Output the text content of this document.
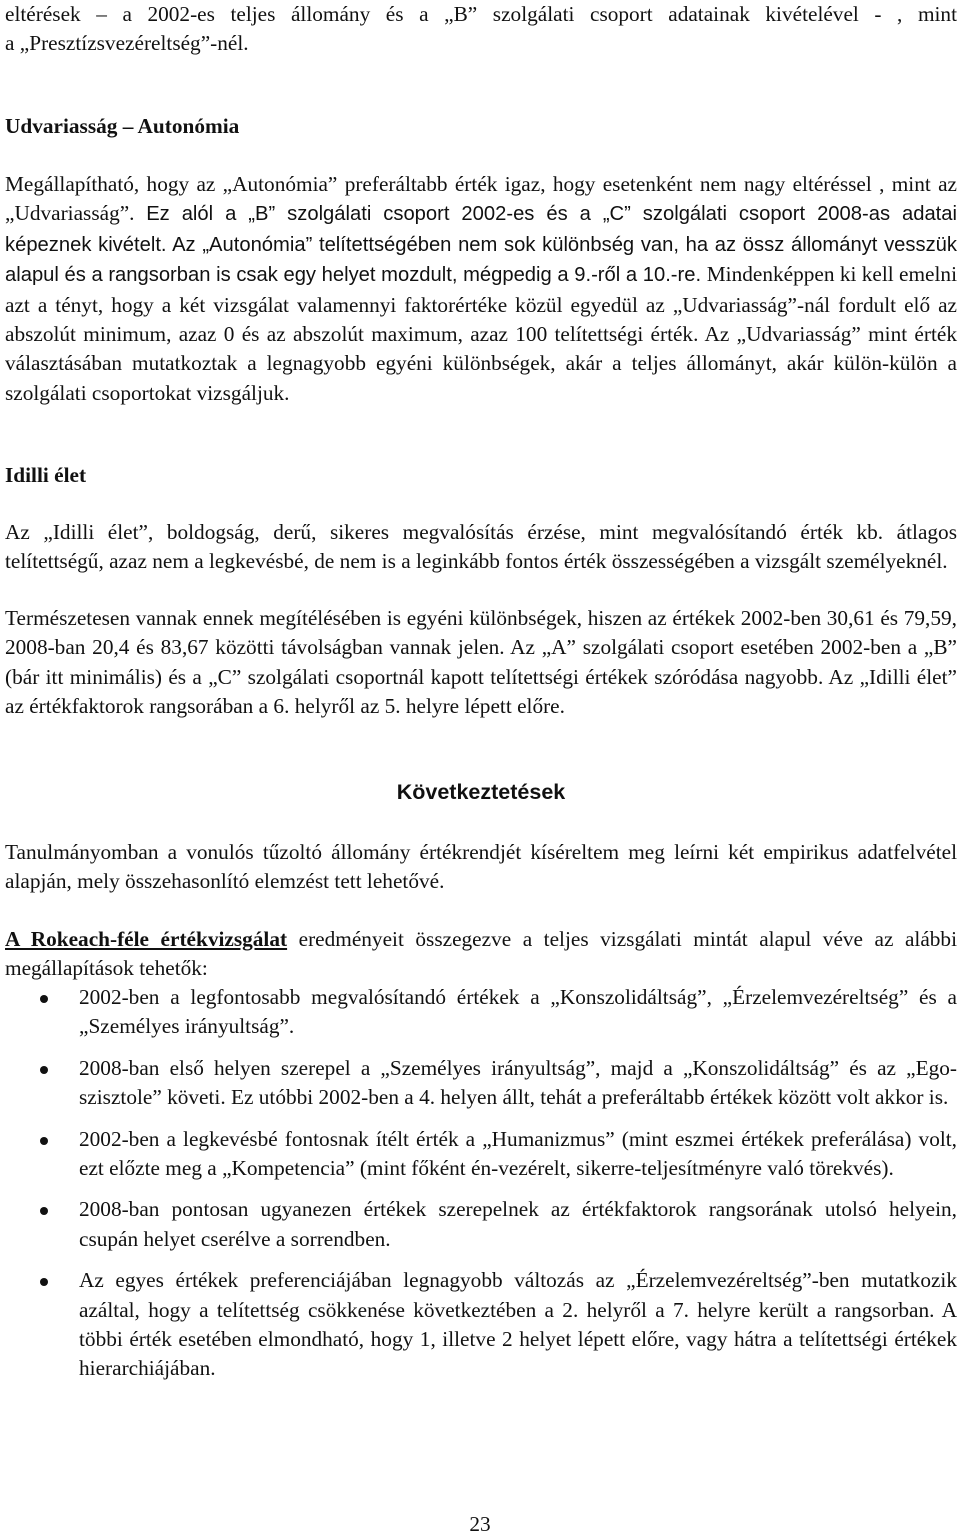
eltérések – a 2002-es teljes állomány és a „B” szolgálati csoport adatainak kivételével - , mint

a „Presztízsvezéreltség”-nél.

Udvariasság – Autonómia

Megállapítható, hogy az „Autonómia” preferáltabb érték igaz, hogy esetenként nem nagy eltéréssel , mint az „Udvariasság”. Ez alól a „B” szolgálati csoport 2002-es és a „C” szolgálati csoport 2008-as adatai képeznek kivételt. Az „Autonómia” telítettségében nem sok különbség van, ha az össz állományt vesszük alapul és a rangsorban is csak egy helyet mozdult, mégpedig a 9.-ről a 10.-re. Mindenképpen ki kell emelni azt a tényt, hogy a két vizsgálat valamennyi faktorértéke közül egyedül az „Udvariasság”-nál fordult elő az abszolút minimum, azaz 0 és az abszolút maximum, azaz 100 telítettségi érték. Az „Udvariasság” mint érték választásában mutatkoztak a legnagyobb egyéni különbségek, akár a teljes állományt, akár külön-külön a szolgálati csoportokat vizsgáljuk.

Idilli élet

Az „Idilli élet”, boldogság, derű, sikeres megvalósítás érzése, mint megvalósítandó érték kb. átlagos telítettségű, azaz nem a legkevésbé, de nem is a leginkább fontos érték összességében a vizsgált személyeknél.

Természetesen vannak ennek megítélésében is egyéni különbségek, hiszen az értékek 2002-ben 30,61 és 79,59, 2008-ban 20,4 és 83,67 közötti távolságban vannak jelen. Az „A” szolgálati csoport esetében 2002-ben a „B” (bár itt minimális) és a „C” szolgálati csoportnál kapott telítettségi értékek szóródása nagyobb. Az „Idilli élet” az értékfaktorok rangsorában a 6. helyről az 5. helyre lépett előre.

Következtetések

Tanulmányomban a vonulós tűzoltó állomány értékrendjét kíséreltem meg leírni két empirikus adatfelvétel alapján, mely összehasonlító elemzést tett lehetővé.

A Rokeach-féle értékvizsgálat eredményeit összegezve a teljes vizsgálati mintát alapul véve az alábbi megállapítások tehetők:

2002-ben a legfontosabb megvalósítandó értékek a „Konszolidáltság”, „Érzelemvezéreltség” és a „Személyes irányultság”.
2008-ban első helyen szerepel a „Személyes irányultság”, majd a „Konszolidáltság” és az „Ego-szisztole” követi. Ez utóbbi 2002-ben a 4. helyen állt, tehát a preferáltabb értékek között volt akkor is.
2002-ben a legkevésbé fontosnak ítélt érték a „Humanizmus” (mint eszmei értékek preferálása) volt, ezt előzte meg a „Kompetencia” (mint főként én-vezérelt, sikerre-teljesítményre való törekvés).
2008-ban pontosan ugyanezen értékek szerepelnek az értékfaktorok rangsorának utolsó helyein, csupán helyet cserélve a sorrendben.
Az egyes értékek preferenciájában legnagyobb változás az „Érzelemvezéreltség”-ben mutatkozik azáltal, hogy a telítettség csökkenése következtében a 2. helyről a 7. helyre került a rangsorban. A többi érték esetében elmondható, hogy 1, illetve 2 helyet lépett előre, vagy hátra a telítettségi értékek hierarchiájában.
23
